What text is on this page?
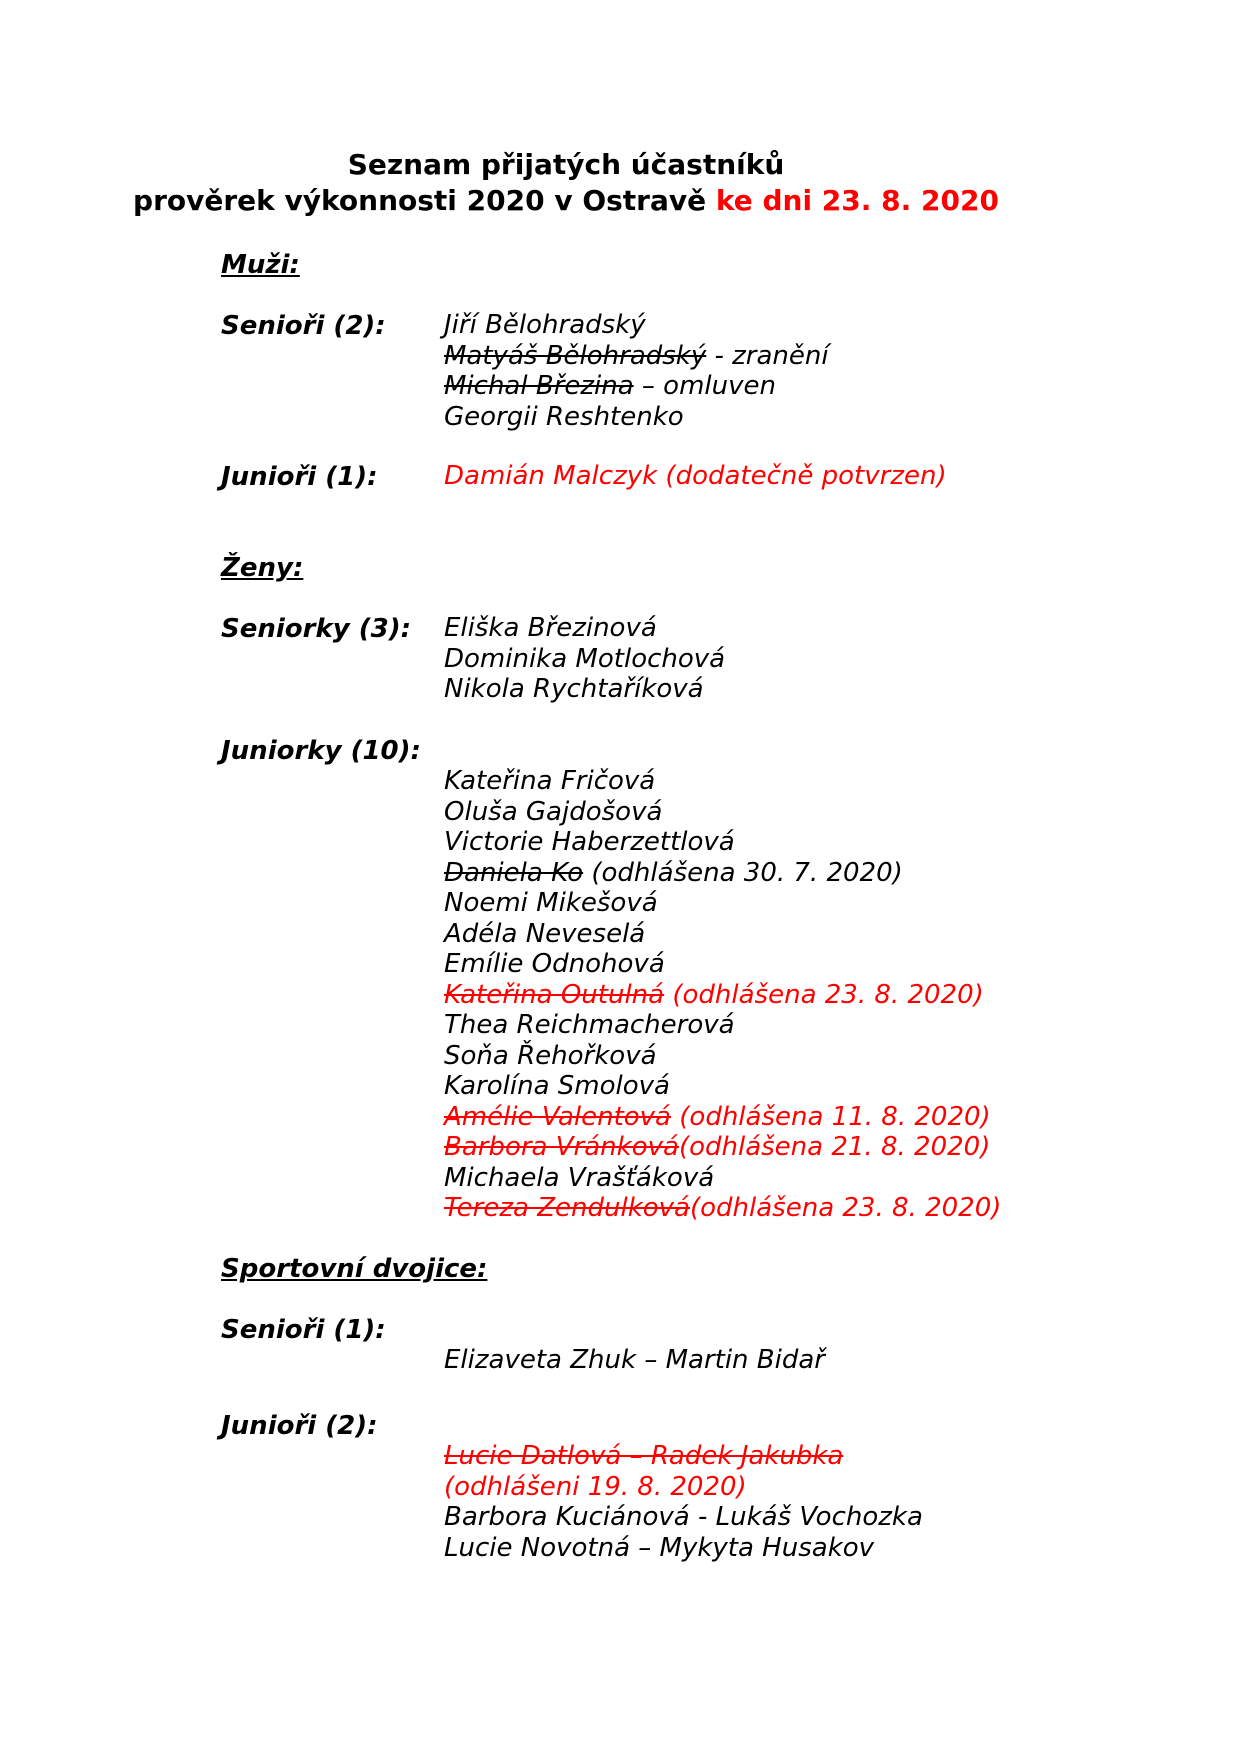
Seznam přijatých účastníků
prověrek výkonnosti 2020 v Ostravě ke dni 23. 8. 2020
Muži:
Senioři (2): Jiří Bělohradský
Matyáš Bělohradský - zranění
Michal Březina – omluven
Georgii Reshtenko
Junioři (1):	Damián Malczyk (dodatečně potvrzen)
Ženy:
Seniorky (3): Eliška Březinová
Dominika Motlochová
Nikola Rychtaříková
Juniorky (10):
Kateřina Fričová
Oluša Gajdošová
Victorie Haberzettlová
Daniela Ko (odhlášena 30. 7. 2020)
Noemi Mikešová
Adéla Neveselá
Emílie Odnohová
Kateřina Outulná (odhlášena 23. 8. 2020)
Thea Reichmacherová
Soňa Řehořková
Karolína Smolová
Amélie Valentová (odhlášena 11. 8. 2020)
Barbora Vránková(odhlášena 21. 8. 2020)
Michaela Vrašťáková
Tereza Zendulková(odhlášena 23. 8. 2020)
Sportovní dvojice:
Senioři (1):
Elizaveta Zhuk – Martin Bidař
Junioři (2):
Lucie Datlová – Radek Jakubka
(odhlášeni 19. 8. 2020)
Barbora Kuciánová - Lukáš Vochozka
Lucie Novotná – Mykyta Husakov
